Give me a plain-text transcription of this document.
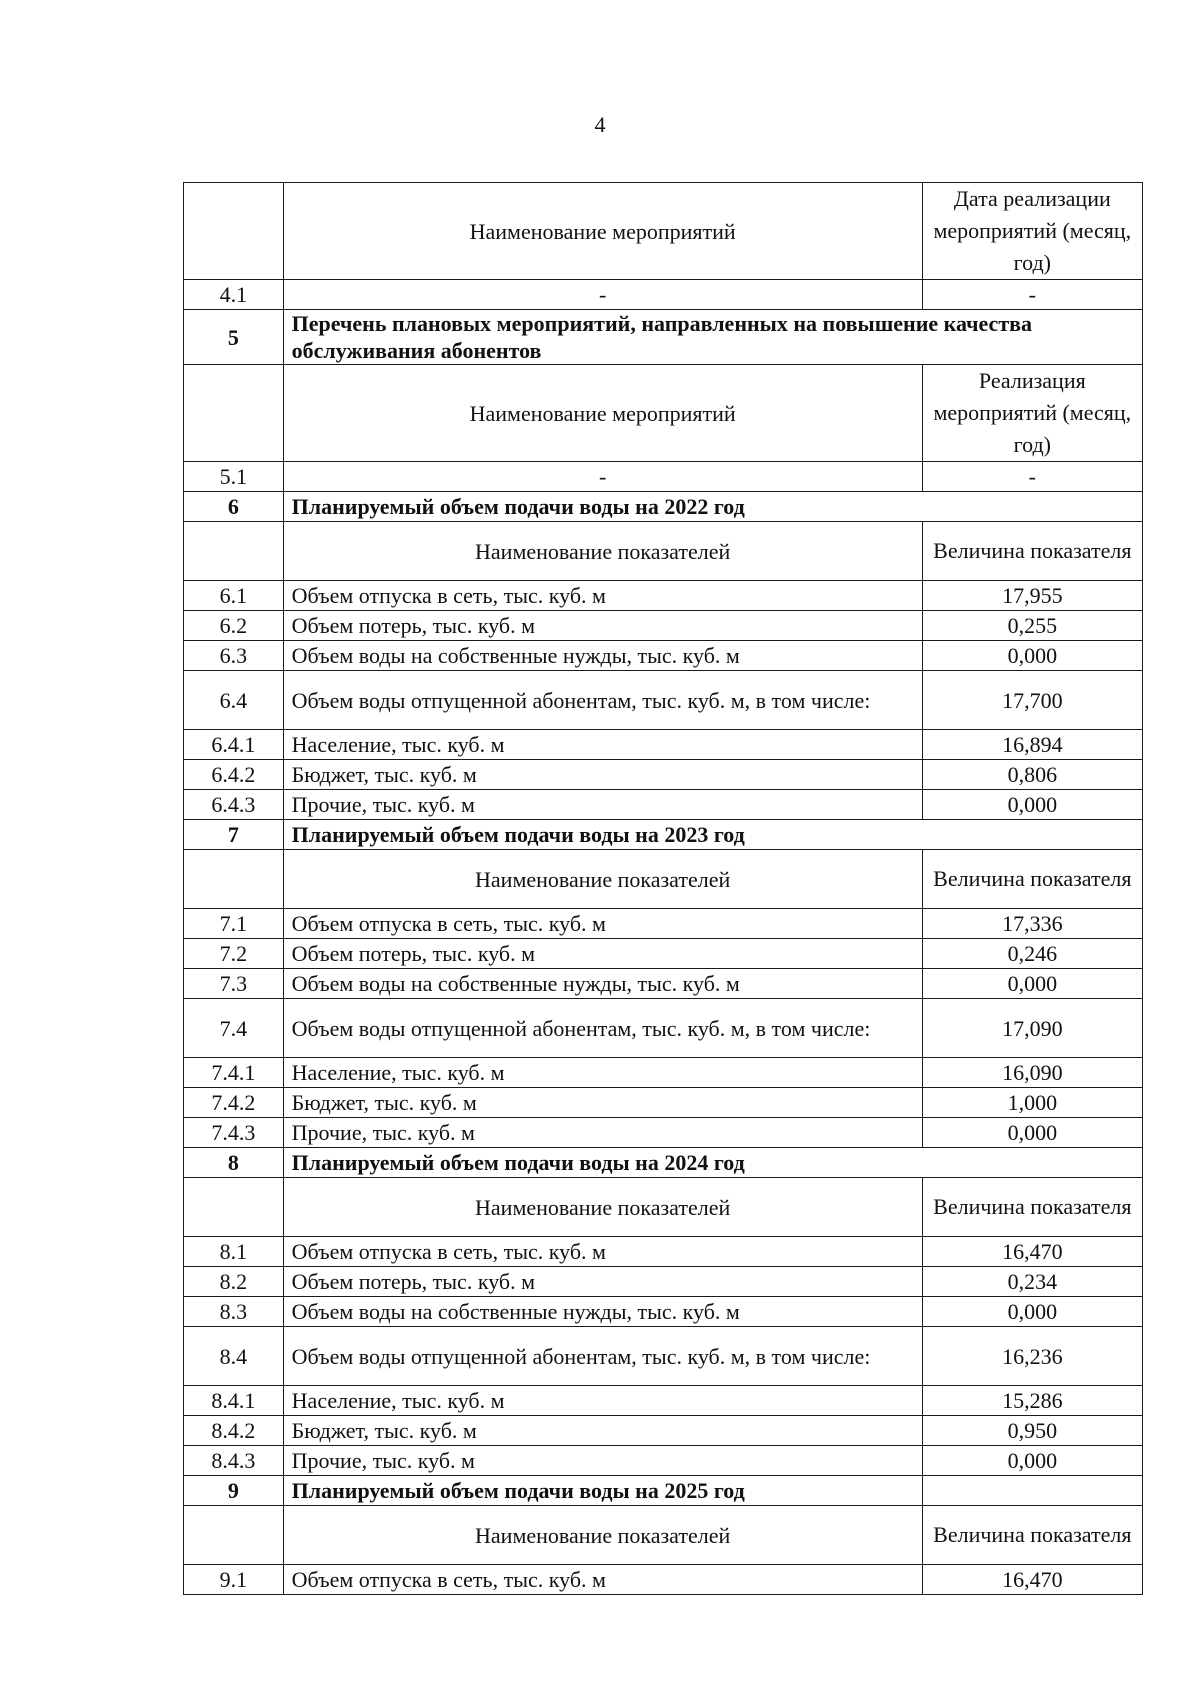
4
	Наименование мероприятий	Дата реализации мероприятий (месяц, год)
4.1	-	-
5	Перечень плановых мероприятий, направленных на повышение качества обслуживания абонентов	
	Наименование мероприятий	Реализация мероприятий (месяц, год)
5.1	-	-
6	Планируемый объем подачи воды на 2022 год	
	Наименование показателей	Величина показателя
6.1	Объем отпуска в сеть, тыс. куб. м	17,955
6.2	Объем потерь, тыс. куб. м	0,255
6.3	Объем воды на собственные нужды, тыс. куб. м	0,000
6.4	Объем воды отпущенной абонентам, тыс. куб. м, в том числе:	17,700
6.4.1	Население, тыс. куб. м	16,894
6.4.2	Бюджет, тыс. куб. м	0,806
6.4.3	Прочие, тыс. куб. м	0,000
7	Планируемый объем подачи воды на 2023 год	
	Наименование показателей	Величина показателя
7.1	Объем отпуска в сеть, тыс. куб. м	17,336
7.2	Объем потерь, тыс. куб. м	0,246
7.3	Объем воды на собственные нужды, тыс. куб. м	0,000
7.4	Объем воды отпущенной абонентам, тыс. куб. м, в том числе:	17,090
7.4.1	Население, тыс. куб. м	16,090
7.4.2	Бюджет, тыс. куб. м	1,000
7.4.3	Прочие, тыс. куб. м	0,000
8	Планируемый объем подачи воды на 2024 год	
	Наименование показателей	Величина показателя
8.1	Объем отпуска в сеть, тыс. куб. м	16,470
8.2	Объем потерь, тыс. куб. м	0,234
8.3	Объем воды на собственные нужды, тыс. куб. м	0,000
8.4	Объем воды отпущенной абонентам, тыс. куб. м, в том числе:	16,236
8.4.1	Население, тыс. куб. м	15,286
8.4.2	Бюджет, тыс. куб. м	0,950
8.4.3	Прочие, тыс. куб. м	0,000
9	Планируемый объем подачи воды на 2025 год	
	Наименование показателей	Величина показателя
9.1	Объем отпуска в сеть, тыс. куб. м	16,470
